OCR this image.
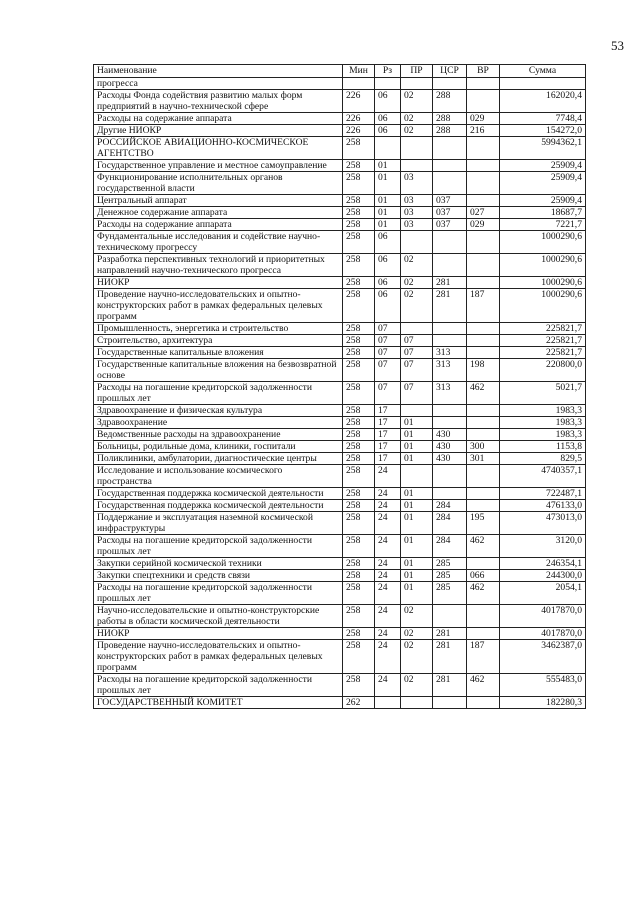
53
Наименование	Мин	Рз	ПР	ЦСР	ВР	Сумма
прогресса						
Расходы Фонда содействия развитию малых форм предприятий в научно-технической сфере	226	06	02	288		162020,4
Расходы на содержание аппарата	226	06	02	288	029	7748,4
Другие НИОКР	226	06	02	288	216	154272,0
РОССИЙСКОЕ АВИАЦИОННО-КОСМИЧЕСКОЕ АГЕНТСТВО	258					5994362,1
Государственное управление и местное самоуправление	258	01				25909,4
Функционирование исполнительных органов государственной власти	258	01	03			25909,4
Центральный аппарат	258	01	03	037		25909,4
Денежное содержание аппарата	258	01	03	037	027	18687,7
Расходы на содержание аппарата	258	01	03	037	029	7221,7
Фундаментальные исследования и содействие научно-техническому прогрессу	258	06				1000290,6
Разработка перспективных технологий и приоритетных направлений научно-технического прогресса	258	06	02			1000290,6
НИОКР	258	06	02	281		1000290,6
Проведение научно-исследовательских и опытно-конструкторских работ в рамках федеральных целевых программ	258	06	02	281	187	1000290,6
Промышленность, энергетика и строительство	258	07				225821,7
Строительство, архитектура	258	07	07			225821,7
Государственные капитальные вложения	258	07	07	313		225821,7
Государственные капитальные вложения на безвозвратной основе	258	07	07	313	198	220800,0
Расходы на погашение кредиторской задолженности прошлых лет	258	07	07	313	462	5021,7
Здравоохранение и физическая культура	258	17				1983,3
Здравоохранение	258	17	01			1983,3
Ведомственные расходы на здравоохранение	258	17	01	430		1983,3
Больницы, родильные дома, клиники, госпитали	258	17	01	430	300	1153,8
Поликлиники, амбулатории, диагностические центры	258	17	01	430	301	829,5
Исследование и использование космического пространства	258	24				4740357,1
Государственная поддержка космической деятельности	258	24	01			722487,1
Государственная поддержка космической деятельности	258	24	01	284		476133,0
Поддержание и эксплуатация наземной космической инфраструктуры	258	24	01	284	195	473013,0
Расходы на погашение кредиторской задолженности прошлых лет	258	24	01	284	462	3120,0
Закупки серийной космической техники	258	24	01	285		246354,1
Закупки спецтехники и средств связи	258	24	01	285	066	244300,0
Расходы на погашение кредиторской задолженности прошлых лет	258	24	01	285	462	2054,1
Научно-исследовательские и опытно-конструкторские работы в области космической деятельности	258	24	02			4017870,0
НИОКР	258	24	02	281		4017870,0
Проведение научно-исследовательских и опытно-конструкторских работ в рамках федеральных целевых программ	258	24	02	281	187	3462387,0
Расходы на погашение кредиторской задолженности прошлых лет	258	24	02	281	462	555483,0
ГОСУДАРСТВЕННЫЙ КОМИТЕТ	262					182280,3
